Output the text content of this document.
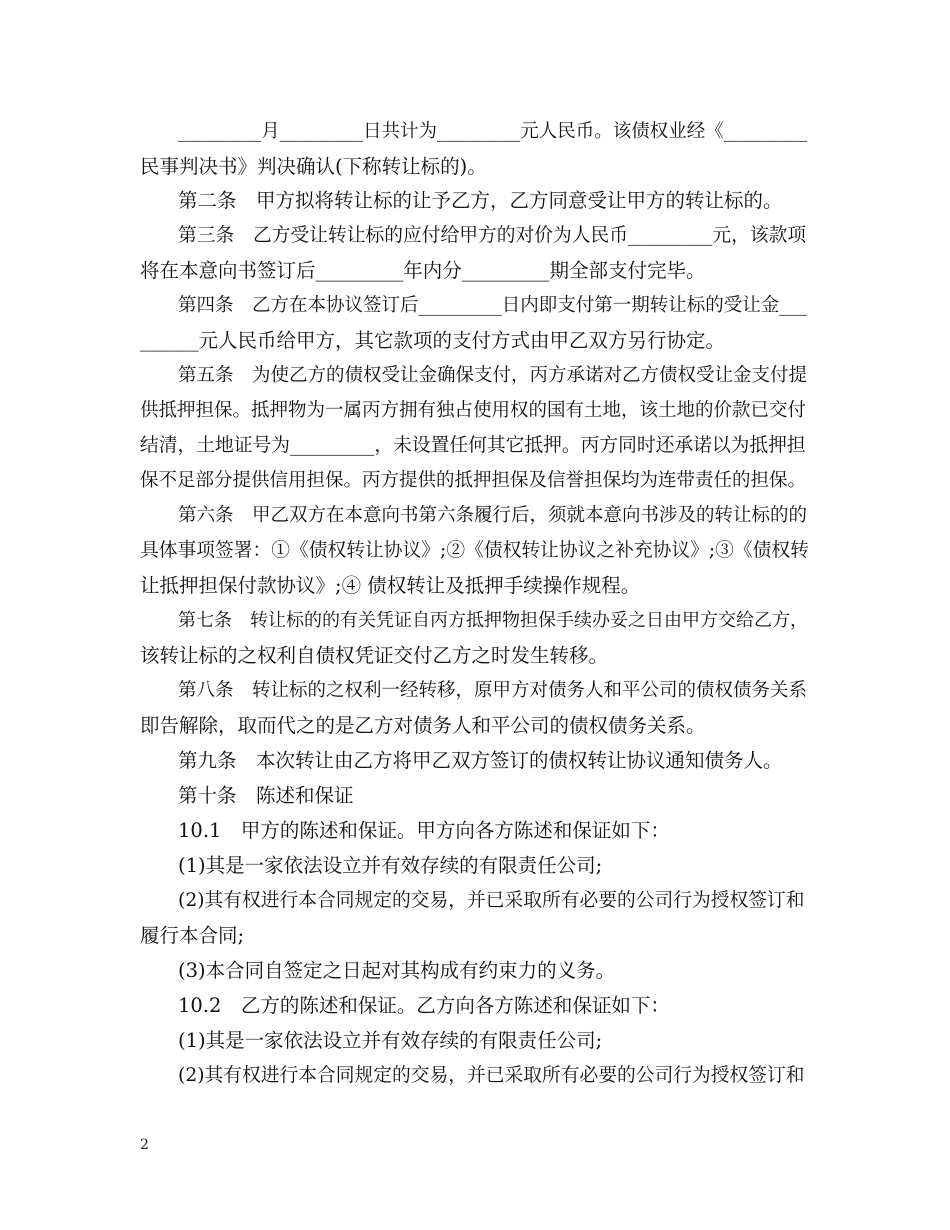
_________月_________日共计为_________元人民币。该债权业经《_________
民事判决书》判决确认(下称转让标的)。
第二条　甲方拟将转让标的让予乙方，乙方同意受让甲方的转让标的。
第三条　乙方受让转让标的应付给甲方的对价为人民币_________元，该款项
将在本意向书签订后_________年内分_________期全部支付完毕。
第四条　乙方在本协议签订后_________日内即支付第一期转让标的受让金___
______元人民币给甲方，其它款项的支付方式由甲乙双方另行协定。
第五条　为使乙方的债权受让金确保支付，丙方承诺对乙方债权受让金支付提
供抵押担保。抵押物为一属丙方拥有独占使用权的国有土地，该土地的价款已交付
结清，土地证号为_________，未设置任何其它抵押。丙方同时还承诺以为抵押担
保不足部分提供信用担保。丙方提供的抵押担保及信誉担保均为连带责任的担保。
第六条　甲乙双方在本意向书第六条履行后，须就本意向书涉及的转让标的的
具体事项签署：①《债权转让协议》;②《债权转让协议之补充协议》;③《债权转
让抵押担保付款协议》;④ 债权转让及抵押手续操作规程。
第七条　转让标的的有关凭证自丙方抵押物担保手续办妥之日由甲方交给乙方，
该转让标的之权利自债权凭证交付乙方之时发生转移。
第八条　转让标的之权利一经转移，原甲方对债务人和平公司的债权债务关系
即告解除，取而代之的是乙方对债务人和平公司的债权债务关系。
第九条　本次转让由乙方将甲乙双方签订的债权转让协议通知债务人。
第十条　陈述和保证
10.1　甲方的陈述和保证。甲方向各方陈述和保证如下：
(1)其是一家依法设立并有效存续的有限责任公司;
(2)其有权进行本合同规定的交易，并已采取所有必要的公司行为授权签订和
履行本合同;
(3)本合同自签定之日起对其构成有约束力的义务。
10.2　乙方的陈述和保证。乙方向各方陈述和保证如下：
(1)其是一家依法设立并有效存续的有限责任公司;
(2)其有权进行本合同规定的交易，并已采取所有必要的公司行为授权签订和
2
